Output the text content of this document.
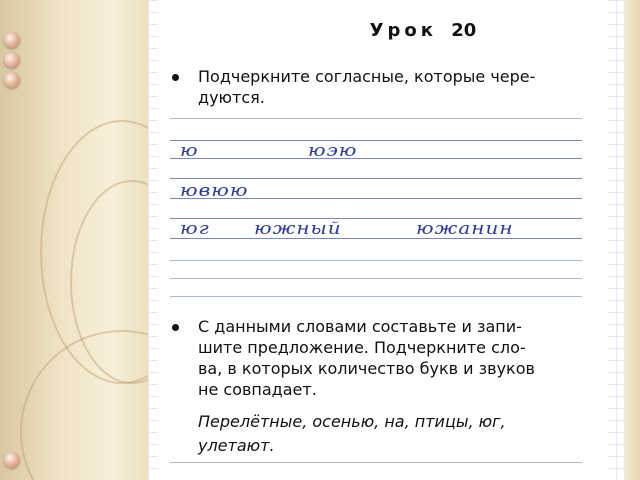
Урок 20
Подчеркните согласные, которые чере-
дуются.
ю	юэю
ювюю
юг южный	южанин
С данными словами составьте и запи-
шите предложение. Подчеркните сло-
ва, в которых количество букв и звуков
не совпадает.
Перелётные, осенью, на, птицы, юг,
улетают.
